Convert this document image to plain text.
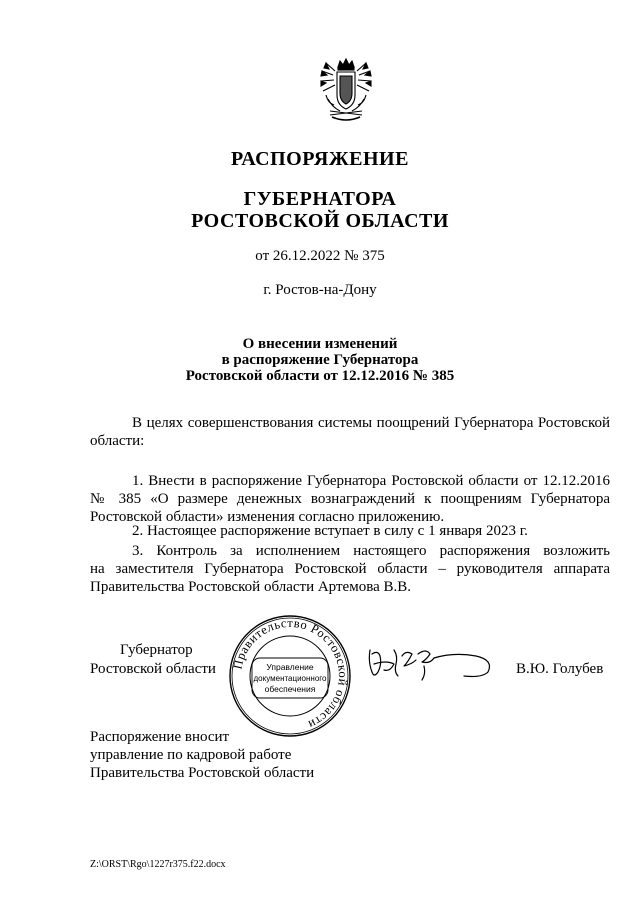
РАСПОРЯЖЕНИЕ
ГУБЕРНАТОРА
РОСТОВСКОЙ ОБЛАСТИ
от 26.12.2022 № 375
г. Ростов-на-Дону
О внесении изменений
в распоряжение Губернатора
Ростовской области от 12.12.2016 № 385
В целях совершенствования системы поощрений Губернатора Ростовской
области:
1. Внести в распоряжение Губернатора Ростовской области от 12.12.2016
№ 385 «О размере денежных вознаграждений к поощрениям Губернатора
Ростовской области» изменения согласно приложению.
2. Настоящее распоряжение вступает в силу с 1 января 2023 г.
3. Контроль за исполнением настоящего распоряжения возложить
на заместителя Губернатора Ростовской области – руководителя аппарата
Правительства Ростовской области Артемова В.В.
Губернатор
Ростовской области	В.Ю. Голубев
Правительство Ростовской области
Управление
документационного
обеспечения
Распоряжение вносит
управление по кадровой работе
Правительства Ростовской области
Z:\ORST\Rgo\1227r375.f22.docx
